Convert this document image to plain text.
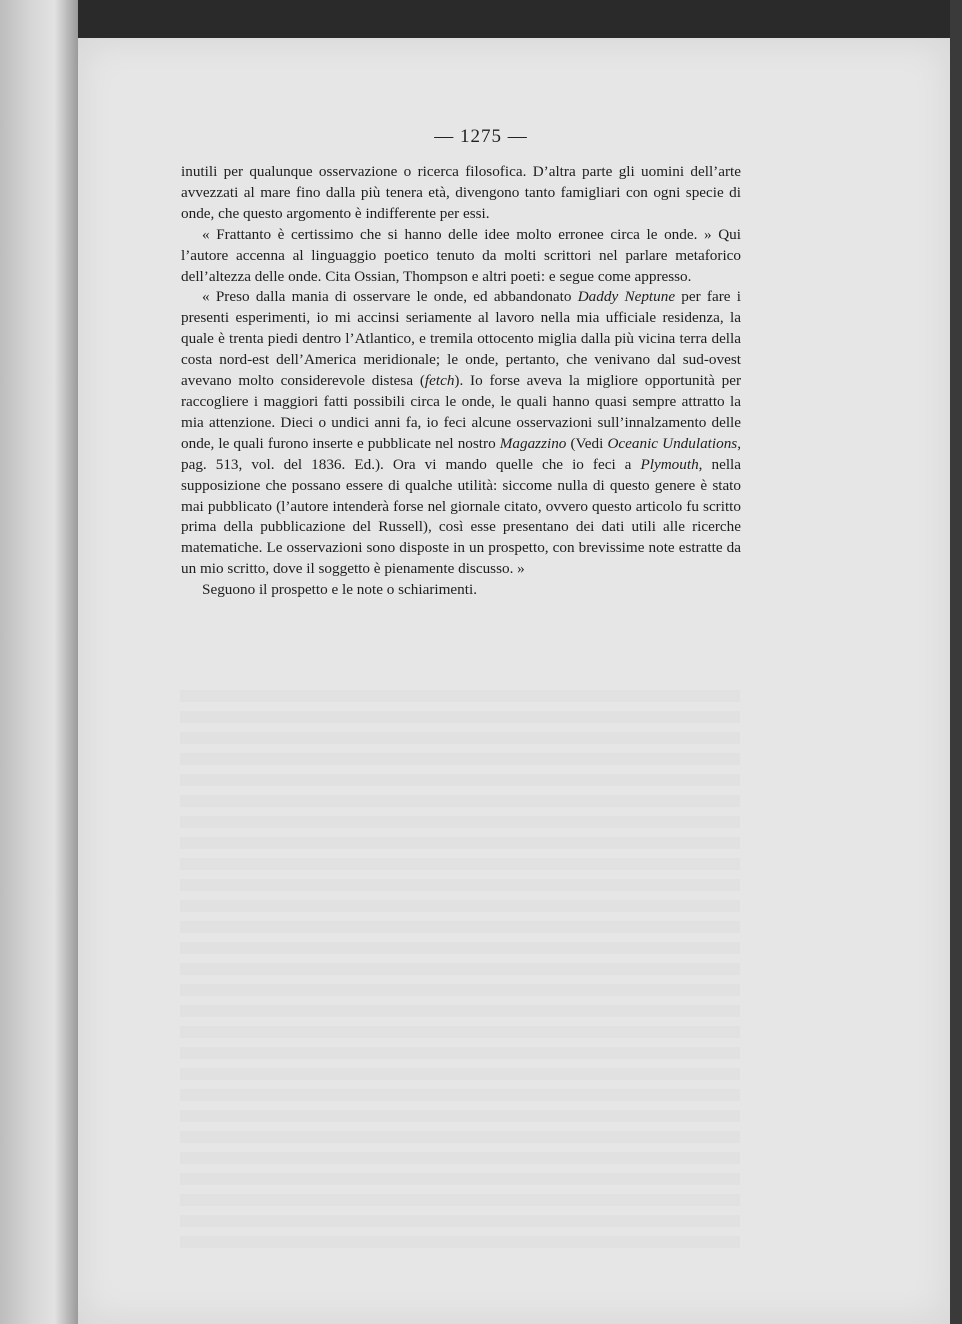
— 1275 —

inutili per qualunque osservazione o ricerca filosofica. D’altra parte gli uomini dell’arte avvezzati al mare fino dalla più tenera età, divengono tanto famigliari con ogni specie di onde, che questo argomento è indifferente per essi.

« Frattanto è certissimo che si hanno delle idee molto erronee circa le onde. » Qui l’autore accenna al linguaggio poetico tenuto da molti scrittori nel parlare metaforico dell’altezza delle onde. Cita Ossian, Thompson e altri poeti: e segue come appresso.

« Preso dalla mania di osservare le onde, ed abbandonato Daddy Neptune per fare i presenti esperimenti, io mi accinsi seriamente al lavoro nella mia ufficiale residenza, la quale è trenta piedi dentro l’Atlantico, e tremila ottocento miglia dalla più vicina terra della costa nord-est dell’America meridionale; le onde, pertanto, che venivano dal sud-ovest avevano molto considerevole distesa (fetch). Io forse aveva la migliore opportunità per raccogliere i maggiori fatti possibili circa le onde, le quali hanno quasi sempre attratto la mia attenzione. Dieci o undici anni fa, io feci alcune osservazioni sull’innalzamento delle onde, le quali furono inserte e pubblicate nel nostro Magazzino (Vedi Oceanic Undulations, pag. 513, vol. del 1836. Ed.). Ora vi mando quelle che io feci a Plymouth, nella supposizione che possano essere di qualche utilità: siccome nulla di questo genere è stato mai pubblicato (l’autore intenderà forse nel giornale citato, ovvero questo articolo fu scritto prima della pubblicazione del Russell), così esse presentano dei dati utili alle ricerche matematiche. Le osservazioni sono disposte in un prospetto, con brevissime note estratte da un mio scritto, dove il soggetto è pienamente discusso. »

Seguono il prospetto e le note o schiarimenti.
